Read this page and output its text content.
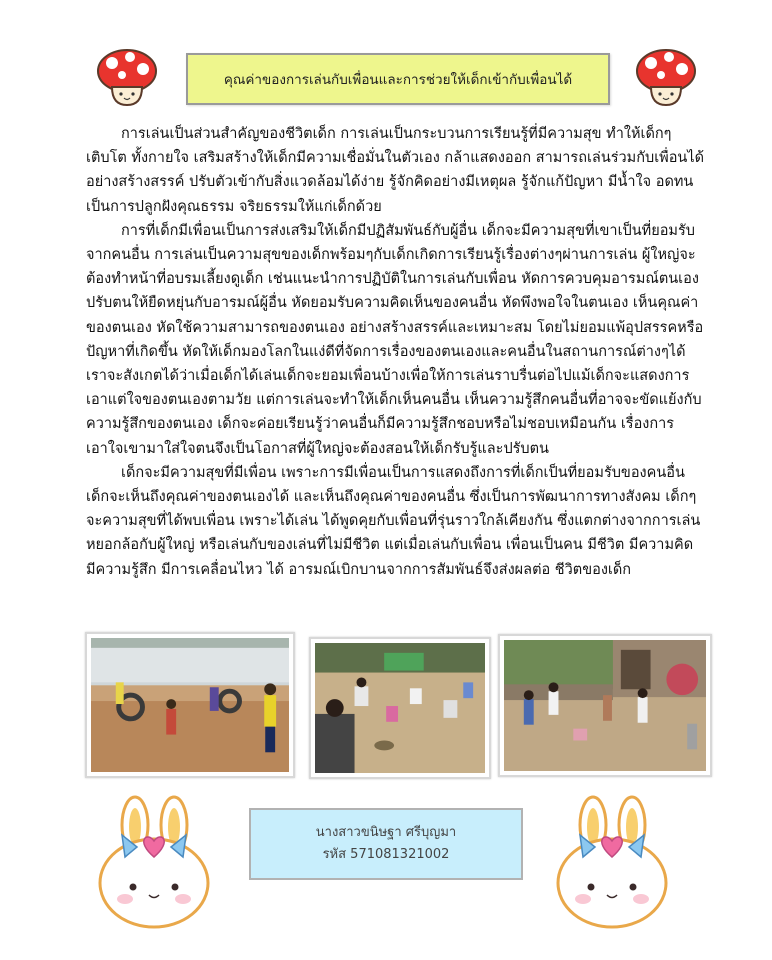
คุณค่าของการเล่นกับเพื่อนและการช่วยให้เด็กเข้ากับเพื่อนได้

การเล่นเป็นส่วนสำคัญของชีวิตเด็ก การเล่นเป็นกระบวนการเรียนรู้ที่มีความสุข ทำให้เด็กๆเติบโต ทั้งกายใจ เสริมสร้างให้เด็กมีความเชื่อมั่นในตัวเอง กล้าแสดงออก สามารถเล่นร่วมกับเพื่อนได้อย่างสร้างสรรค์ ปรับตัวเข้ากับสิ่งแวดล้อมได้ง่าย รู้จักคิดอย่างมีเหตุผล รู้จักแก้ปัญหา มีน้ำใจ อดทน เป็นการปลูกฝังคุณธรรม จริยธรรมให้แก่เด็กด้วย

การที่เด็กมีเพื่อนเป็นการส่งเสริมให้เด็กมีปฏิสัมพันธ์กับผู้อื่น เด็กจะมีความสุขที่เขาเป็นที่ยอมรับจากคนอื่น การเล่นเป็นความสุขของเด็กพร้อมๆกับเด็กเกิดการเรียนรู้เรื่องต่างๆผ่านการเล่น ผู้ใหญ่จะต้องทำหน้าที่อบรมเลี้ยงดูเด็ก เช่นแนะนำการปฏิบัติในการเล่นกับเพื่อน หัดการควบคุมอารมณ์ตนเอง ปรับตนให้ยืดหยุ่นกับอารมณ์ผู้อื่น หัดยอมรับความคิดเห็นของคนอื่น หัดพึงพอใจในตนเอง เห็นคุณค่าของตนเอง หัดใช้ความสามารถของตนเอง อย่างสร้างสรรค์และเหมาะสม โดยไม่ยอมแพ้อุปสรรคหรือปัญหาที่เกิดขึ้น หัดให้เด็กมองโลกในแง่ดีที่จัดการเรื่องของตนเองและคนอื่นในสถานการณ์ต่างๆได้ เราจะสังเกตได้ว่าเมื่อเด็กได้เล่นเด็กจะยอมเพื่อนบ้างเพื่อให้การเล่นราบรื่นต่อไปแม้เด็กจะแสดงการเอาแต่ใจของตนเองตามวัย แต่การเล่นจะทำให้เด็กเห็นคนอื่น เห็นความรู้สึกคนอื่นที่อาจจะขัดแย้งกับความรู้สึกของตนเอง เด็กจะค่อยเรียนรู้ว่าคนอื่นก็มีความรู้สึกชอบหรือไม่ชอบเหมือนกัน เรื่องการเอาใจเขามาใส่ใจตนจึงเป็นโอกาสที่ผู้ใหญ่จะต้องสอนให้เด็กรับรู้และปรับตน

เด็กจะมีความสุขที่มีเพื่อน เพราะการมีเพื่อนเป็นการแสดงถึงการที่เด็กเป็นที่ยอมรับของคนอื่น เด็กจะเห็นถึงคุณค่าของตนเองได้ และเห็นถึงคุณค่าของคนอื่น ซึ่งเป็นการพัฒนาการทางสังคม เด็กๆจะความสุขที่ได้พบเพื่อน เพราะได้เล่น ได้พูดคุยกับเพื่อนที่รุ่นราวใกล้เคียงกัน ซึ่งแตกต่างจากการเล่นหยอกล้อกับผู้ใหญ่ หรือเล่นกับของเล่นที่ไม่มีชีวิต แต่เมื่อเล่นกับเพื่อน เพื่อนเป็นคน มีชีวิต มีความคิด มีความรู้สึก มีการเคลื่อนไหว ได้ อารมณ์เบิกบานจากการสัมพันธ์จึงส่งผลต่อ ชีวิตของเด็ก

นางสาวขนิษฐา ศรีบุญมา
รหัส 571081321002
